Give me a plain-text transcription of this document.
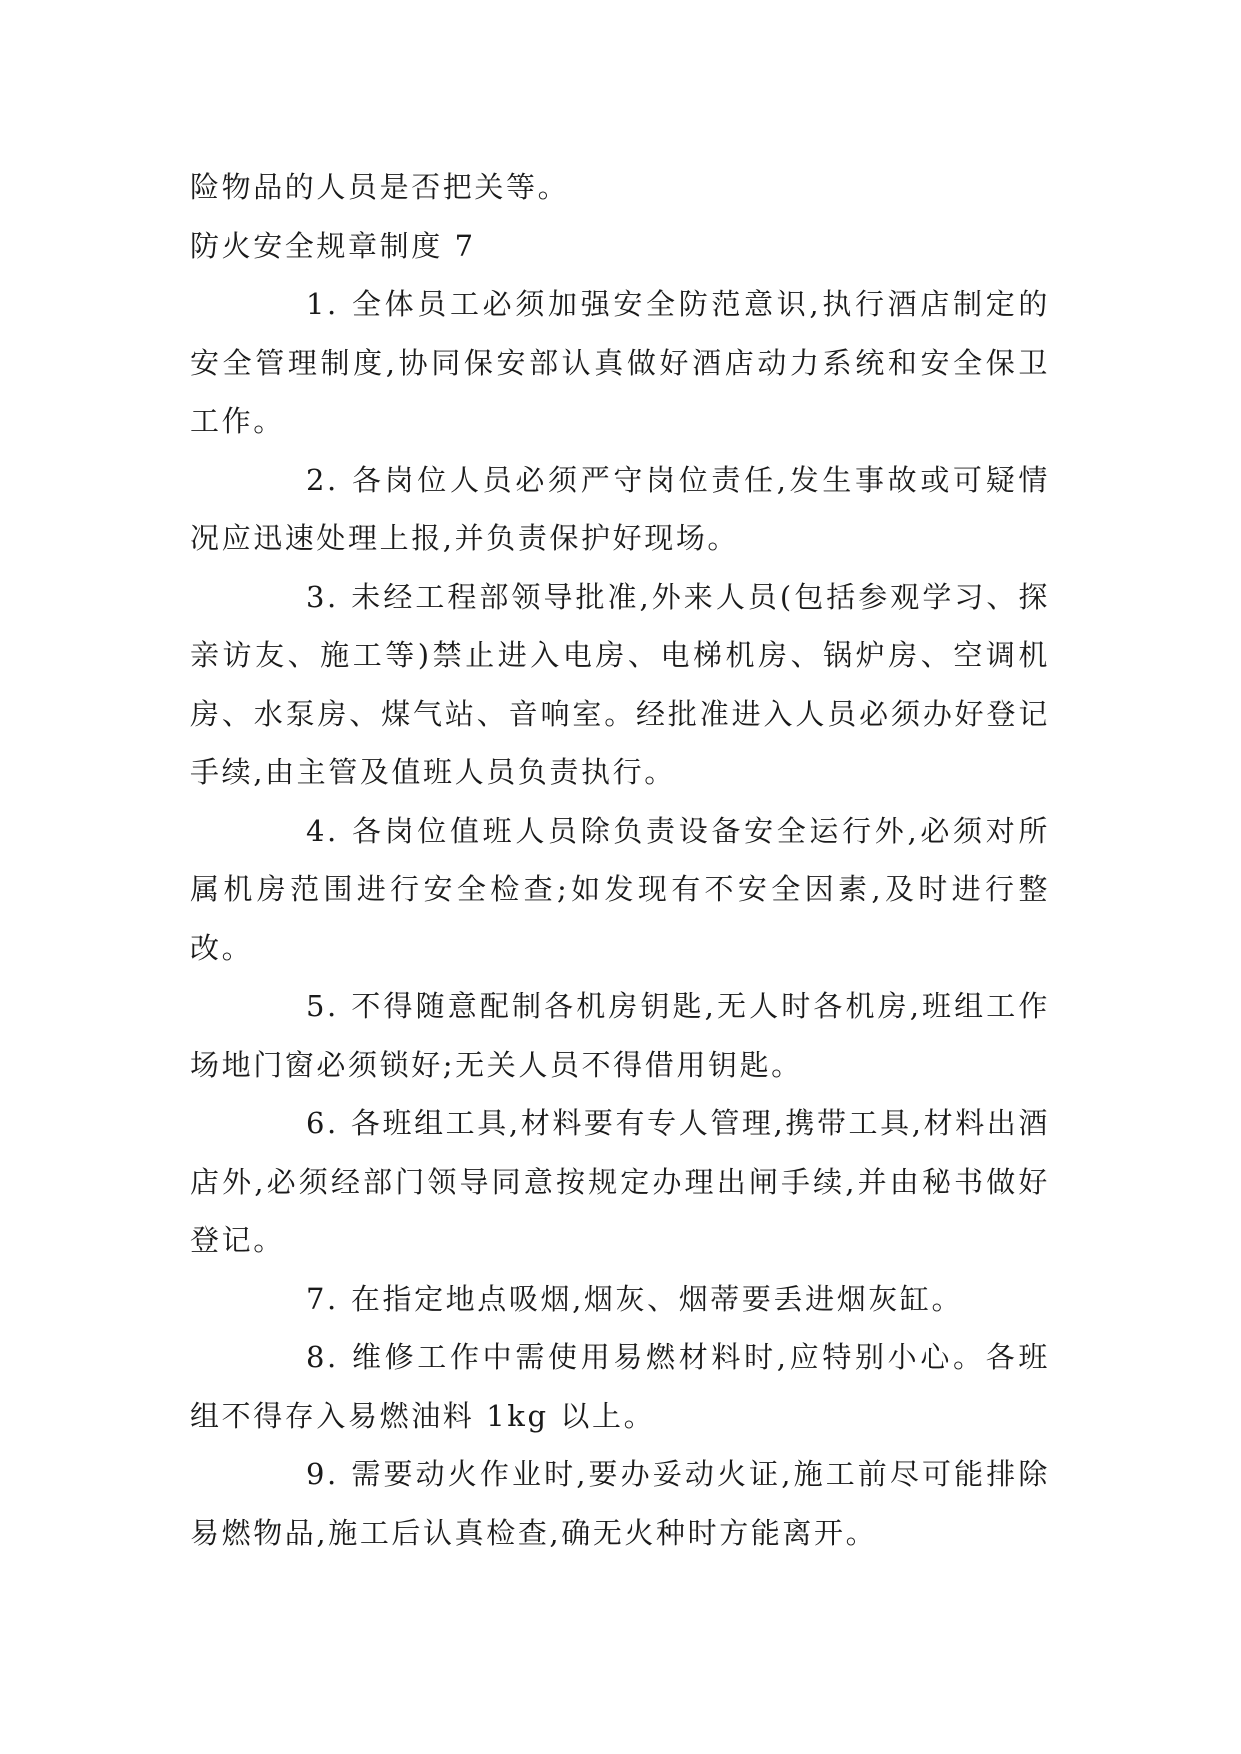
险物品的人员是否把关等。

防火安全规章制度 7

1. 全体员工必须加强安全防范意识,执行酒店制定的安全管理制度,协同保安部认真做好酒店动力系统和安全保卫工作。

2. 各岗位人员必须严守岗位责任,发生事故或可疑情况应迅速处理上报,并负责保护好现场。

3. 未经工程部领导批准,外来人员(包括参观学习、探亲访友、施工等)禁止进入电房、电梯机房、锅炉房、空调机房、水泵房、煤气站、音响室。经批准进入人员必须办好登记手续,由主管及值班人员负责执行。

4. 各岗位值班人员除负责设备安全运行外,必须对所属机房范围进行安全检查;如发现有不安全因素,及时进行整改。

5. 不得随意配制各机房钥匙,无人时各机房,班组工作场地门窗必须锁好;无关人员不得借用钥匙。

6. 各班组工具,材料要有专人管理,携带工具,材料出酒店外,必须经部门领导同意按规定办理出闸手续,并由秘书做好登记。

7. 在指定地点吸烟,烟灰、烟蒂要丢进烟灰缸。

8. 维修工作中需使用易燃材料时,应特别小心。各班组不得存入易燃油料 1kg 以上。

9. 需要动火作业时,要办妥动火证,施工前尽可能排除易燃物品,施工后认真检查,确无火种时方能离开。
